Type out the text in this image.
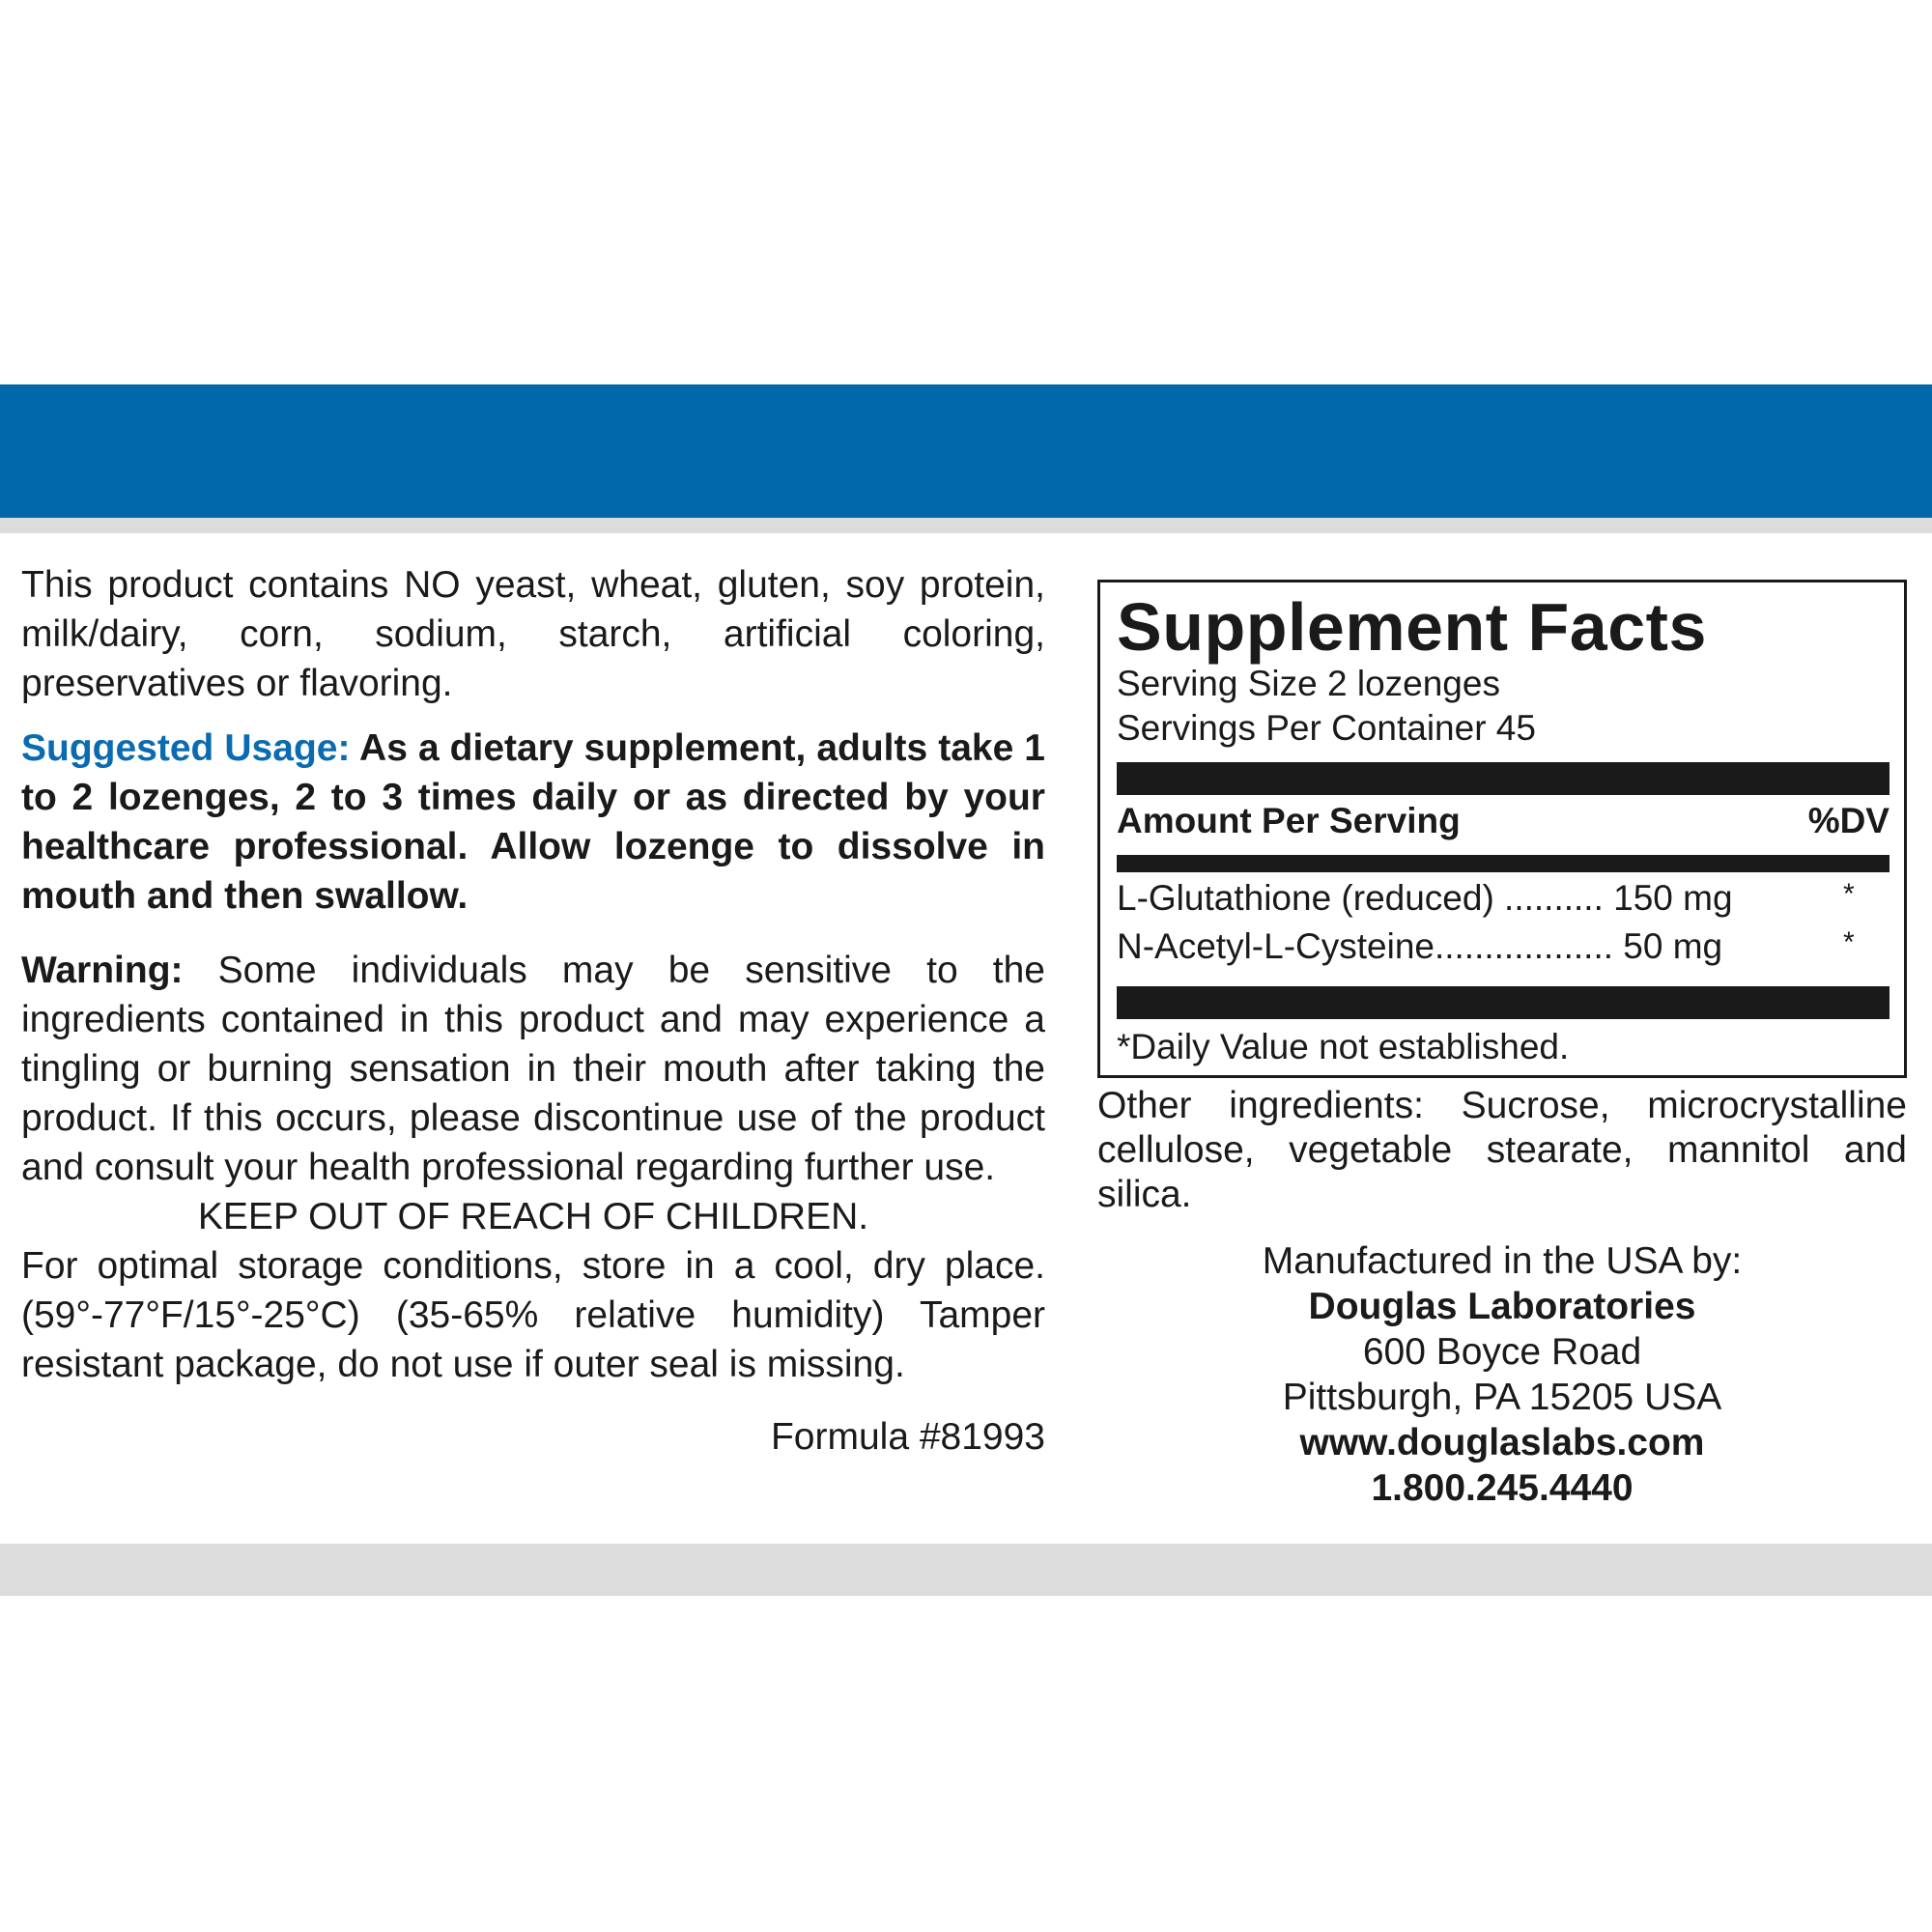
This product contains NO yeast, wheat, gluten, soy protein, milk/dairy, corn, sodium, starch, artificial coloring, preservatives or flavoring.

Suggested Usage: As a dietary supplement, adults take 1 to 2 lozenges, 2 to 3 times daily or as directed by your healthcare professional. Allow lozenge to dissolve in mouth and then swallow.

Warning: Some individuals may be sensitive to the ingredients contained in this product and may experience a tingling or burning sensation in their mouth after taking the product. If this occurs, please discontinue use of the product and consult your health professional regarding further use.

KEEP OUT OF REACH OF CHILDREN.

For optimal storage conditions, store in a cool, dry place. (59°-77°F/15°-25°C) (35-65% relative humidity) Tamper resistant package, do not use if outer seal is missing.

Formula #81993

Supplement Facts
Serving Size 2 lozenges
Servings Per Container 45
Amount Per Serving	%DV
L-Glutathione (reduced) .......... 150 mg	*
N-Acetyl-L-Cysteine.................. 50 mg	*
*Daily Value not established.

Other ingredients: Sucrose, microcrystalline cellulose, vegetable stearate, mannitol and silica.

Manufactured in the USA by:
Douglas Laboratories
600 Boyce Road
Pittsburgh, PA 15205 USA
www.douglaslabs.com
1.800.245.4440
